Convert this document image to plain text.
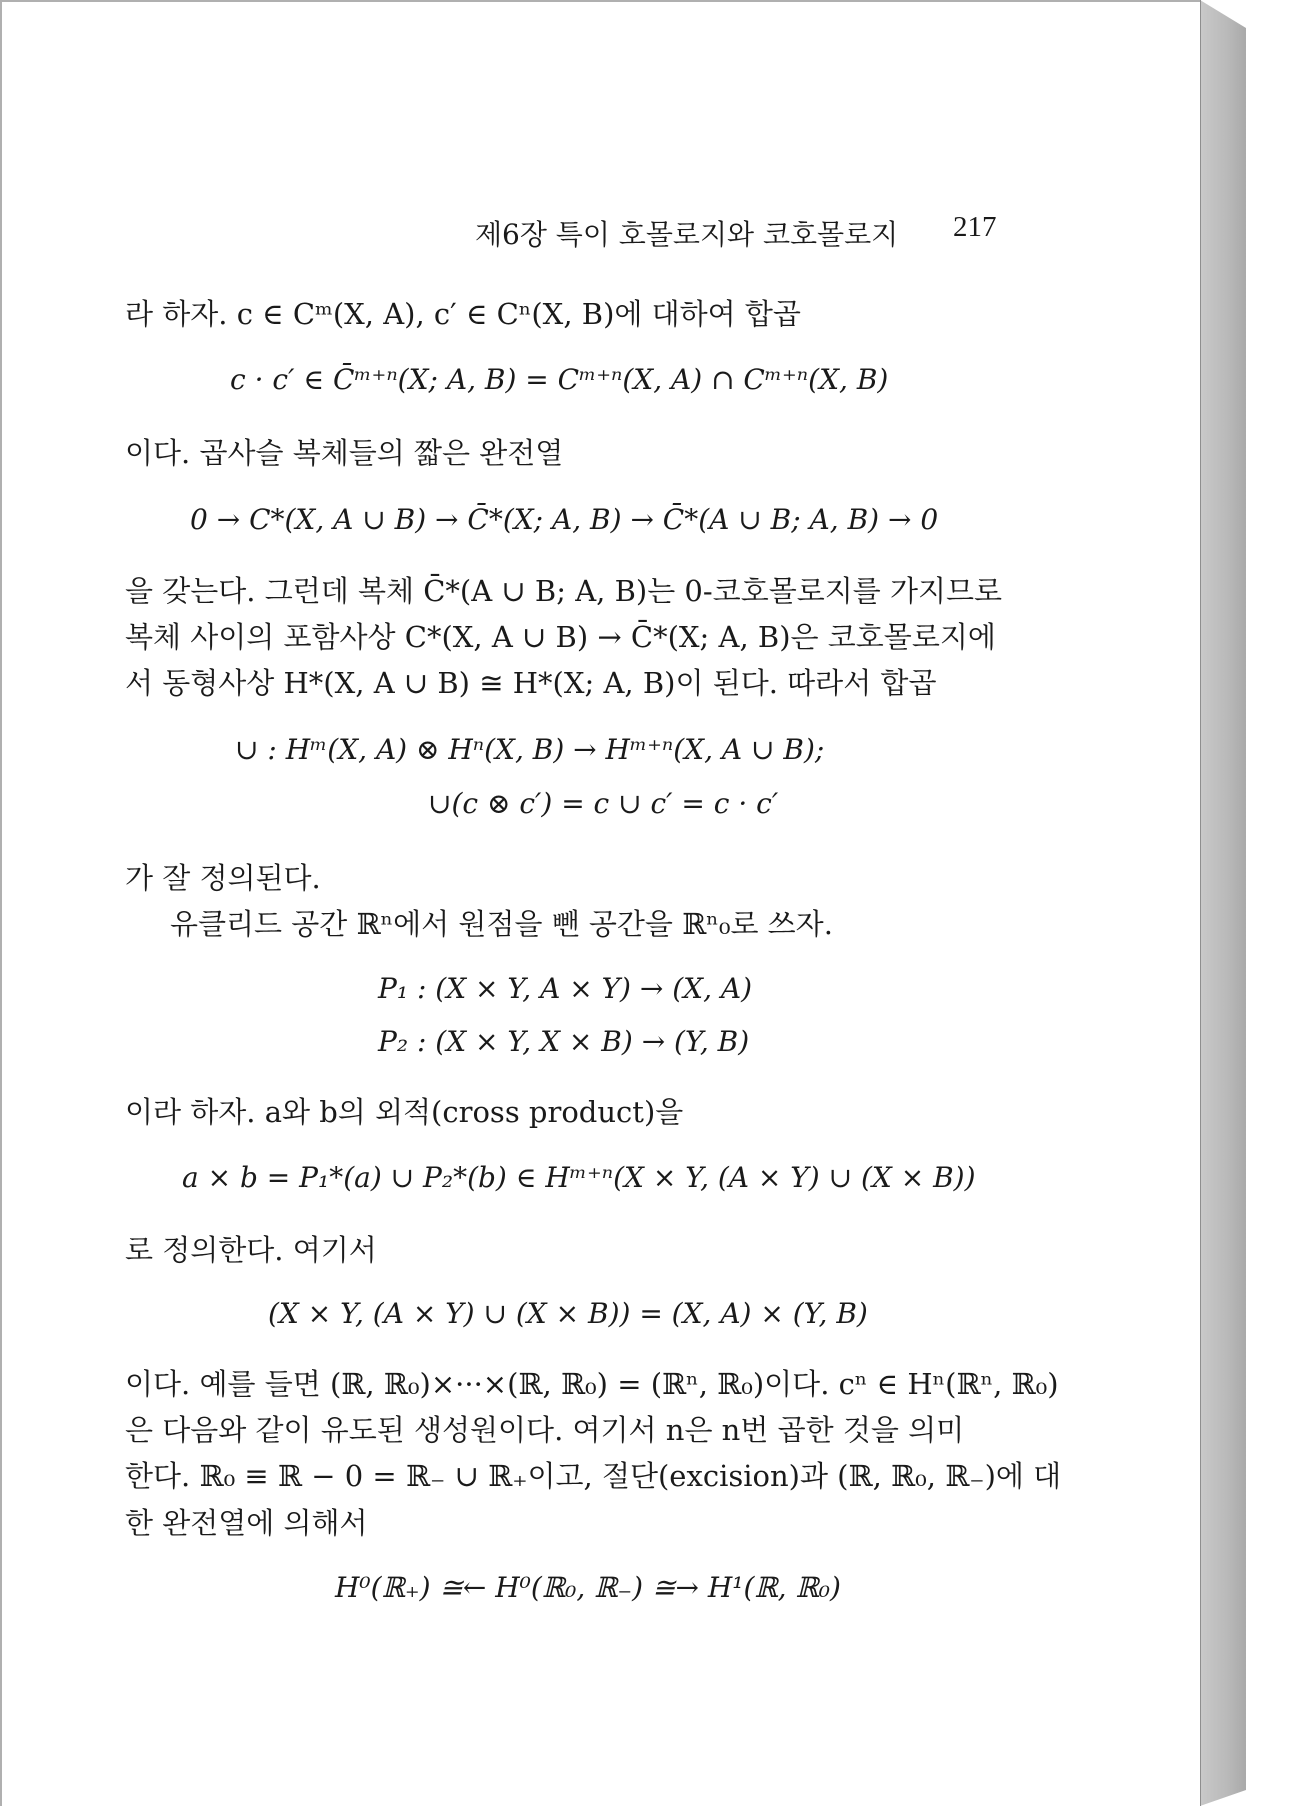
제6장 특이 호몰로지와 코호몰로지 217
라 하자. c ∈ Cᵐ(X, A), c′ ∈ Cⁿ(X, B)에 대하여 합곱
c · c′ ∈ C̄ᵐ⁺ⁿ(X; A, B) = Cᵐ⁺ⁿ(X, A) ∩ Cᵐ⁺ⁿ(X, B)
이다. 곱사슬 복체들의 짧은 완전열
0 → C*(X, A ∪ B) → C̄*(X; A, B) → C̄*(A ∪ B; A, B) → 0
을 갖는다. 그런데 복체 C̄*(A ∪ B; A, B)는 0-코호몰로지를 가지므로
복체 사이의 포함사상 C*(X, A ∪ B) → C̄*(X; A, B)은 코호몰로지에
서 동형사상 H*(X, A ∪ B) ≅ H*(X; A, B)이 된다. 따라서 합곱
∪ : Hᵐ(X, A) ⊗ Hⁿ(X, B) → Hᵐ⁺ⁿ(X, A ∪ B);
∪(c ⊗ c′) = c ∪ c′ = c · c′
가 잘 정의된다.
유클리드 공간 ℝⁿ에서 원점을 뺀 공간을 ℝⁿ₀로 쓰자.
P₁ : (X × Y, A × Y) → (X, A)
P₂ : (X × Y, X × B) → (Y, B)
이라 하자. a와 b의 외적(cross product)을
a × b = P₁*(a) ∪ P₂*(b) ∈ Hᵐ⁺ⁿ(X × Y, (A × Y) ∪ (X × B))
로 정의한다. 여기서
(X × Y, (A × Y) ∪ (X × B)) = (X, A) × (Y, B)
이다. 예를 들면 (ℝ, ℝ₀)×···×(ℝ, ℝ₀) = (ℝⁿ, ℝ₀)이다. cⁿ ∈ Hⁿ(ℝⁿ, ℝ₀)
은 다음와 같이 유도된 생성원이다. 여기서 n은 n번 곱한 것을 의미
한다. ℝ₀ ≡ ℝ − 0 = ℝ₋ ∪ ℝ₊이고, 절단(excision)과 (ℝ, ℝ₀, ℝ₋)에 대
한 완전열에 의해서
H⁰(ℝ₊) ≅← H⁰(ℝ₀, ℝ₋) ≅→ H¹(ℝ, ℝ₀)
